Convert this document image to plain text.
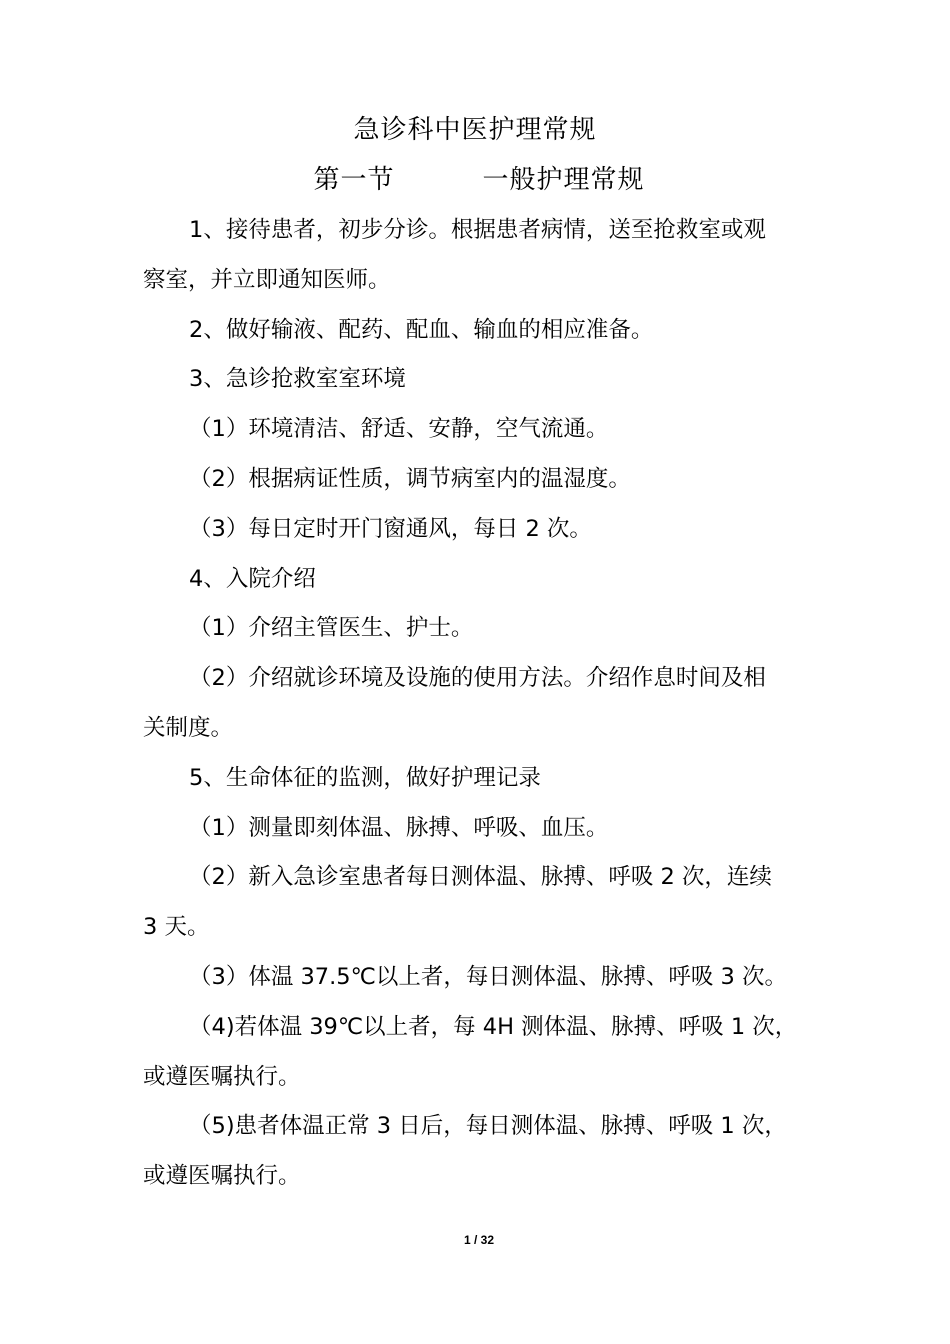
急诊科中医护理常规
第一节	一般护理常规

1、接待患者，初步分诊。根据患者病情，送至抢救室或观

察室，并立即通知医师。

2、做好输液、配药、配血、输血的相应准备。

3、急诊抢救室室环境

（1）环境清洁、舒适、安静，空气流通。

（2）根据病证性质，调节病室内的温湿度。

（3）每日定时开门窗通风，每日 2 次。

4、入院介绍

（1）介绍主管医生、护士。

（2）介绍就诊环境及设施的使用方法。介绍作息时间及相

关制度。

5、生命体征的监测，做好护理记录

（1）测量即刻体温、脉搏、呼吸、血压。

（2）新入急诊室患者每日测体温、脉搏、呼吸 2 次，连续

3 天。

（3）体温 37.5℃以上者，每日测体温、脉搏、呼吸 3 次。

（4)若体温 39℃以上者，每 4H 测体温、脉搏、呼吸 1 次，

或遵医嘱执行。

（5)患者体温正常 3 日后，每日测体温、脉搏、呼吸 1 次，

或遵医嘱执行。

1 / 32
